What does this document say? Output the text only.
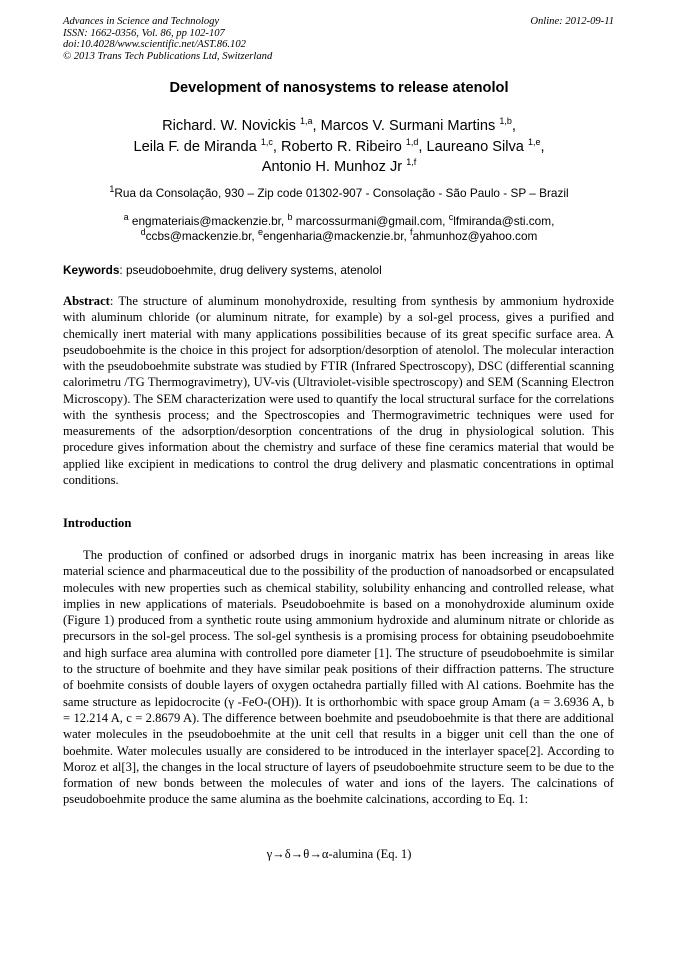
Advances in Science and Technology
ISSN: 1662-0356, Vol. 86, pp 102-107
doi:10.4028/www.scientific.net/AST.86.102
© 2013 Trans Tech Publications Ltd, Switzerland
Online: 2012-09-11
Development of nanosystems to release atenolol
Richard. W. Novickis $^{1,a}$, Marcos V. Surmani Martins $^{1,b}$,
Leila F. de Miranda $^{1,c}$, Roberto R. Ribeiro $^{1,d}$, Laureano Silva $^{1,e}$,
Antonio H. Munhoz Jr $^{1,f}$
$^1$Rua da Consolação, 930 – Zip code 01302-907 - Consolação - São Paulo - SP – Brazil
$^a$ engmateriais@mackenzie.br, $^b$ marcossurmani@gmail.com, $^c$lfmiranda@sti.com,
$^d$ccbs@mackenzie.br, $^e$engenharia@mackenzie.br, $^f$ahmunhoz@yahoo.com
Keywords: pseudoboehmite, drug delivery systems, atenolol

Abstract: The structure of aluminum monohydroxide, resulting from synthesis by ammonium hydroxide with aluminum chloride (or aluminum nitrate, for example) by a sol-gel process, gives a purified and chemically inert material with many applications possibilities because of its great specific surface area. A pseudoboehmite is the choice in this project for adsorption/desorption of atenolol. The molecular interaction with the pseudoboehmite substrate was studied by FTIR (Infrared Spectroscopy), DSC (differential scanning calorimetru /TG Thermogravimetry), UV-vis (Ultraviolet-visible spectroscopy) and SEM (Scanning Electron Microscopy). The SEM characterization were used to quantify the local structural surface for the correlations with the synthesis process; and the Spectroscopies and Thermogravimetric techniques were used for measurements of the adsorption/desorption concentrations of the drug in physiological solution. This procedure gives information about the chemistry and surface of these fine ceramics material that would be applied like excipient in medications to control the drug delivery and plasmatic concentrations in optimal conditions.

Introduction

The production of confined or adsorbed drugs in inorganic matrix has been increasing in areas like material science and pharmaceutical due to the possibility of the production of nanoadsorbed or encapsulated molecules with new properties such as chemical stability, solubility enhancing and controlled release, what implies in new applications of materials. Pseudoboehmite is based on a monohydroxide aluminum oxide (Figure 1) produced from a synthetic route using ammonium hydroxide and aluminum nitrate or chloride as precursors in the sol-gel process. The sol-gel synthesis is a promising process for obtaining pseudoboehmite and high surface area alumina with controlled pore diameter [1]. The structure of pseudoboehmite is similar to the structure of boehmite and they have similar peak positions of their diffraction patterns. The structure of boehmite consists of double layers of oxygen octahedra partially filled with Al cations. Boehmite has the same structure as lepidocrocite (γ -FeO-(OH)). It is orthorhombic with space group Amam (a = 3.6936 A, b = 12.214 A, c = 2.8679 A). The difference between boehmite and pseudoboehmite is that there are additional water molecules in the pseudoboehmite at the unit cell that results in a bigger unit cell than the one of boehmite. Water molecules usually are considered to be introduced in the interlayer space[2]. According to Moroz et al[3], the changes in the local structure of layers of pseudoboehmite structure seem to be due to the formation of new bonds between the molecules of water and ions of the layers. The calcinations of pseudoboehmite produce the same alumina as the boehmite calcinations, according to Eq. 1:

γ→δ→θ→α-alumina (Eq. 1)
